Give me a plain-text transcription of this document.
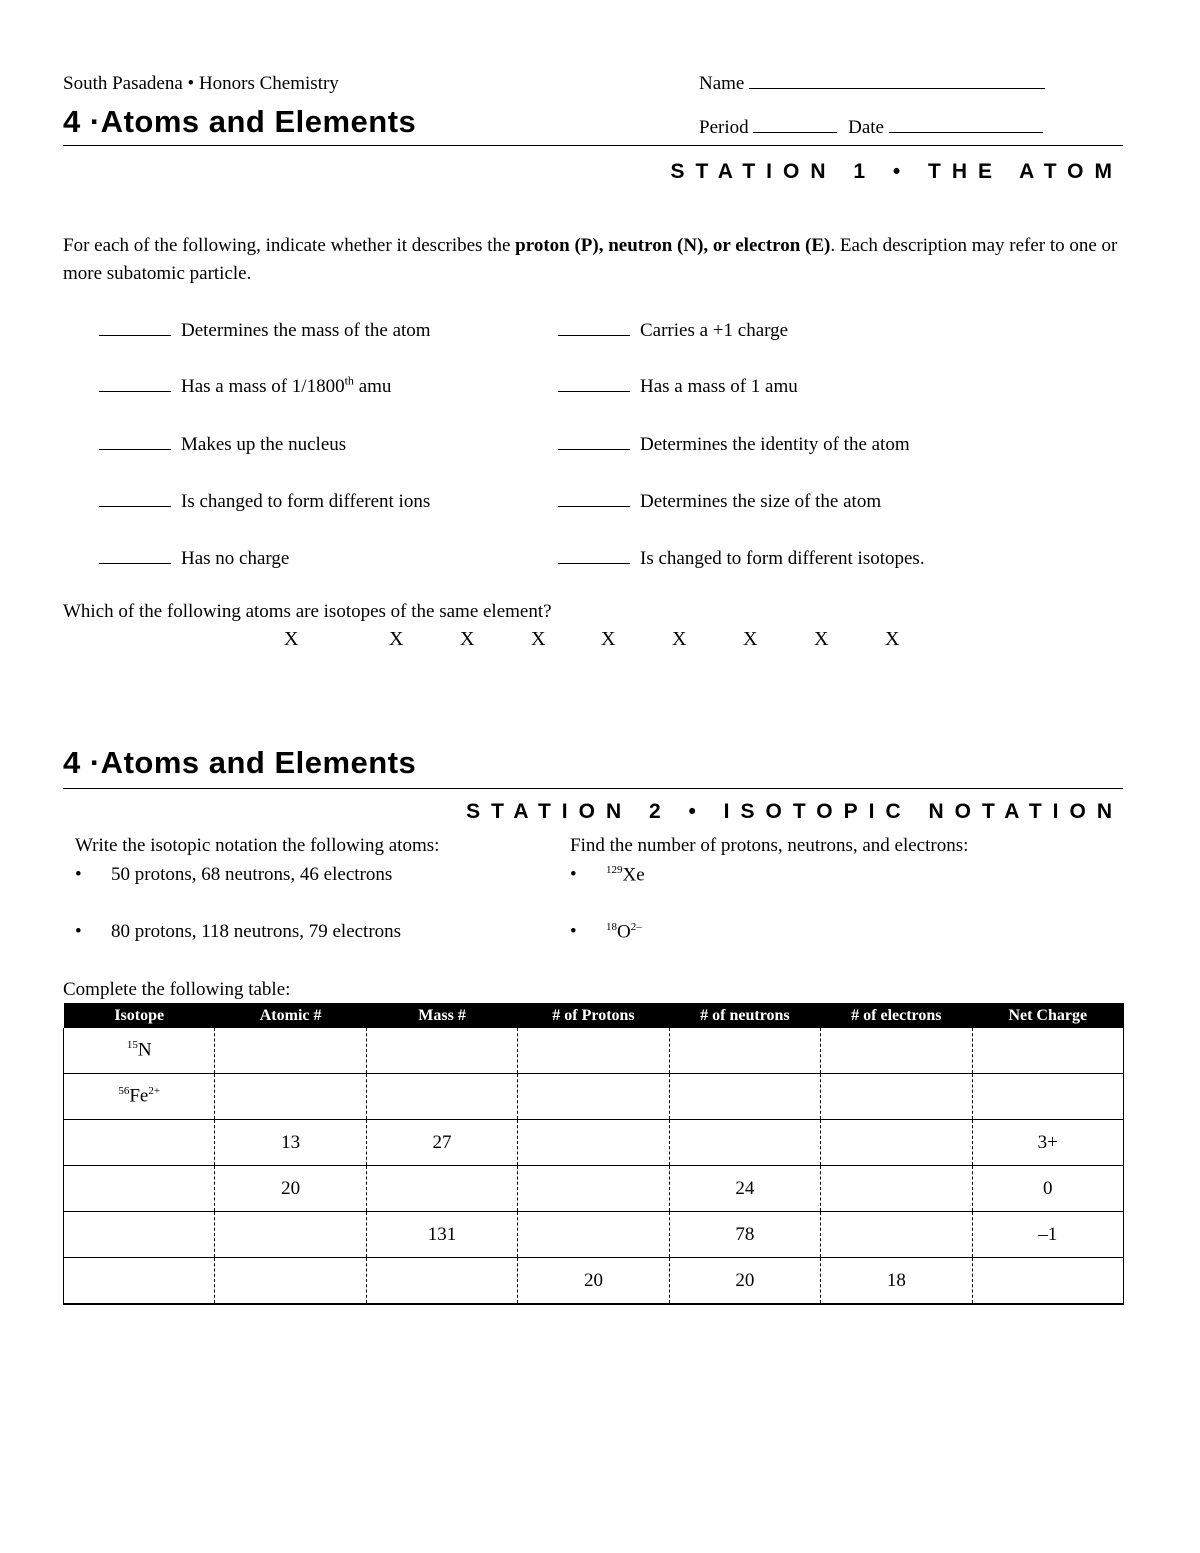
South Pasadena • Honors Chemistry	Name
4 ·Atoms and Elements	Period	Date
STATION 1 • THE ATOM
For each of the following, indicate whether it describes the proton (P), neutron (N), or electron (E). Each description may refer to one or more subatomic particle.
Determines the mass of the atom
Has a mass of 1/1800th amu
Makes up the nucleus
Is changed to form different ions
Has no charge
Carries a +1 charge
Has a mass of 1 amu
Determines the identity of the atom
Determines the size of the atom
Is changed to form different isotopes.
Which of the following atoms are isotopes of the same element?
X	X	X	X	X	X	X	X	X
4 ·Atoms and Elements
STATION 2 • ISOTOPIC NOTATION
Write the isotopic notation the following atoms:
• 50 protons, 68 neutrons, 46 electrons
• 80 protons, 118 neutrons, 79 electrons
Find the number of protons, neutrons, and electrons:
•	$^{129}$Xe
•	$^{18}O^{2-}$
Complete the following table:
Isotope	Atomic #	Mass #	# of Protons	# of neutrons	# of electrons	Net Charge
$^{15}$N						
$^{56}Fe^{2+}$						
	13	27				3+
	20			24		0
		131		78		–1
			20	20	18	
